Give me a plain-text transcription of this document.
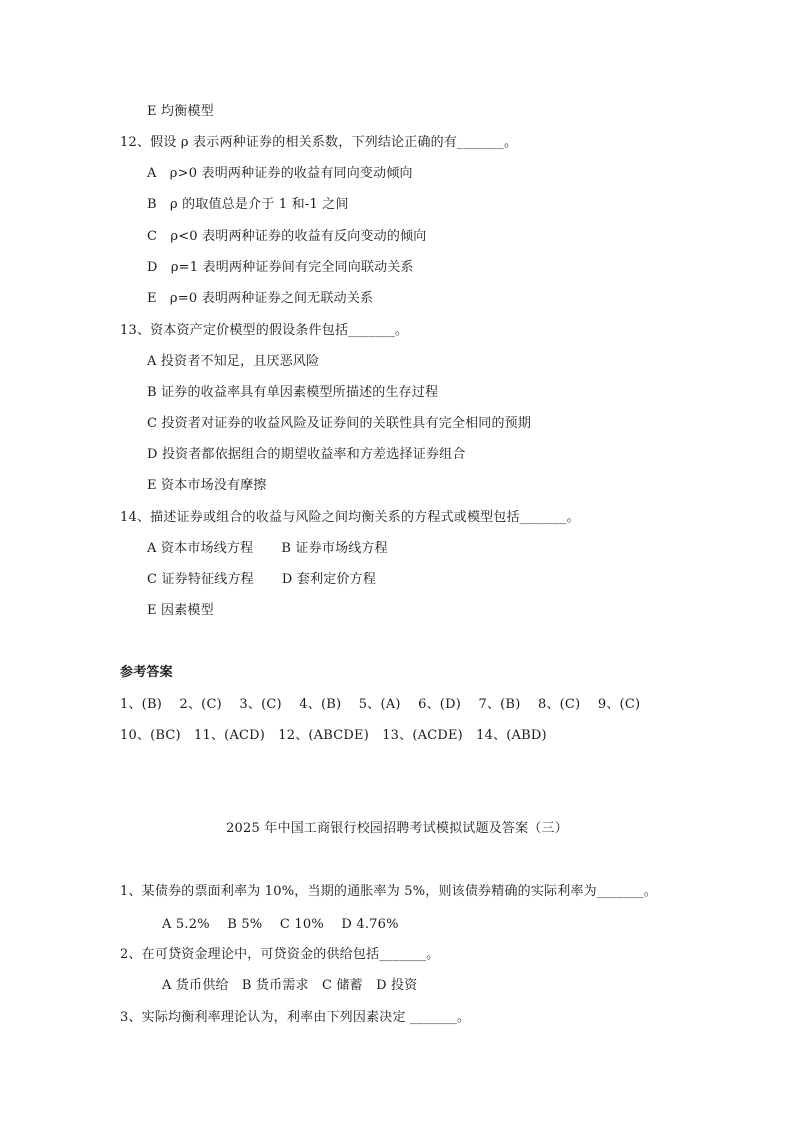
E 均衡模型
12、假设 ρ 表示两种证券的相关系数，下列结论正确的有_______。
A　ρ>0 表明两种证券的收益有同向变动倾向
B　ρ 的取值总是介于 1 和-1 之间
C　ρ<0 表明两种证券的收益有反向变动的倾向
D　ρ=1 表明两种证券间有完全同向联动关系
E　ρ=0 表明两种证券之间无联动关系
13、资本资产定价模型的假设条件包括_______。
A 投资者不知足，且厌恶风险
B 证券的收益率具有单因素模型所描述的生存过程
C 投资者对证券的收益风险及证券间的关联性具有完全相同的预期
D 投资者都依据组合的期望收益率和方差选择证券组合
E 资本市场没有摩擦
14、描述证券或组合的收益与风险之间均衡关系的方程式或模型包括_______。
A 资本市场线方程 B 证券市场线方程
C 证券特征线方程 D 套利定价方程
E 因素模型
参考答案
1、(B)　 2、(C)　 3、(C)　 4、(B)　 5、(A)　 6、(D)　 7、(B)　 8、(C)　 9、(C)
10、(BC)　11、(ACD)　12、(ABCDE)　13、(ACDE)　14、(ABD)
2025 年中国工商银行校园招聘考试模拟试题及答案（三）
1、某债券的票面利率为 10%，当期的通胀率为 5%，则该债券精确的实际利率为_______。
A 5.2%　 B 5%　 C 10%　 D 4.76%
2、在可贷资金理论中，可贷资金的供给包括_______。
A 货币供给　B 货币需求　C 储蓄　D 投资
3、实际均衡利率理论认为，利率由下列因素决定 _______。
